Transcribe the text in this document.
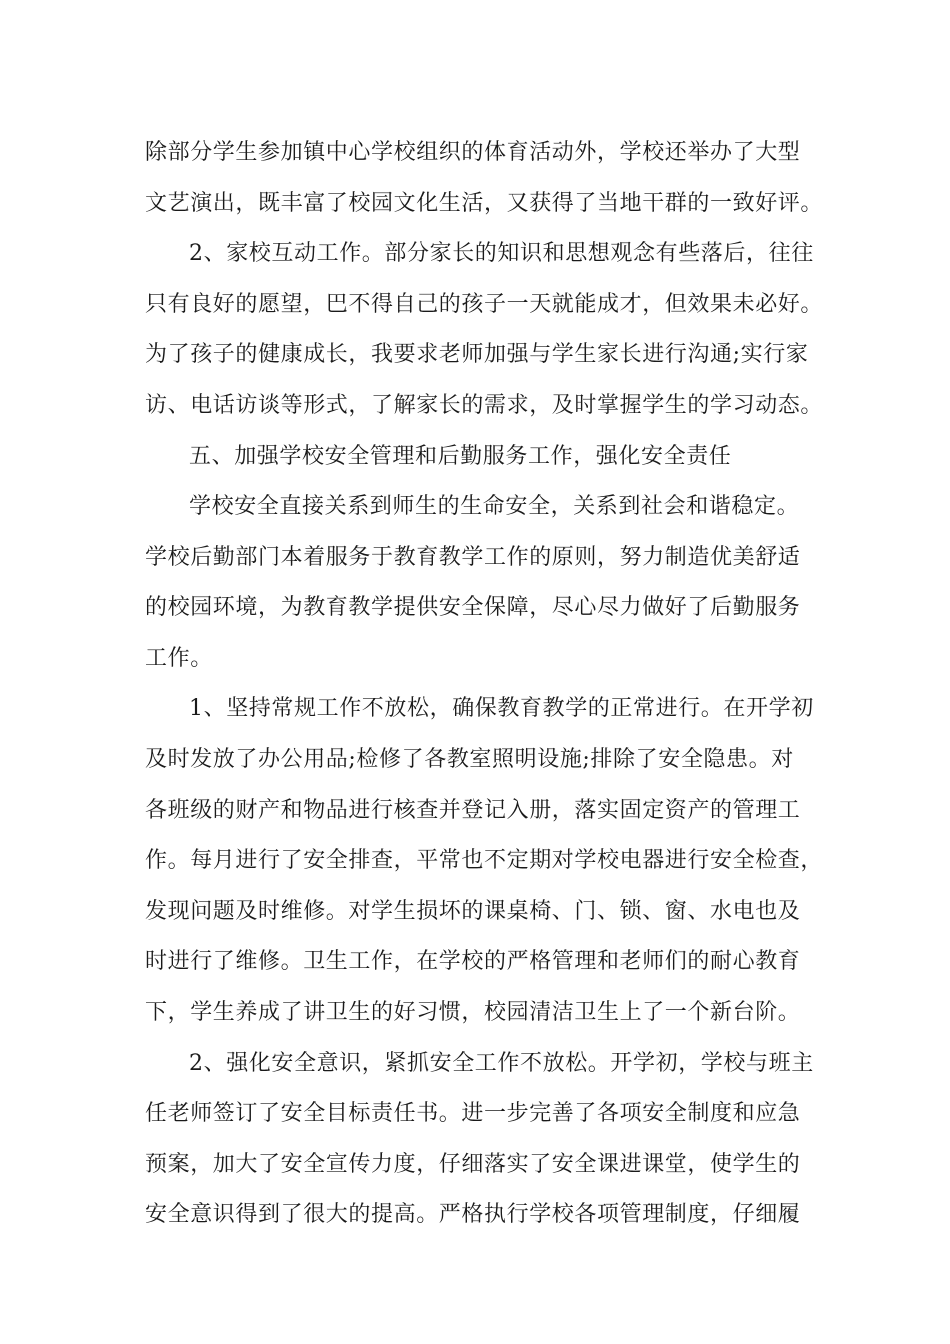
除部分学生参加镇中心学校组织的体育活动外，学校还举办了大型
文艺演出，既丰富了校园文化生活，又获得了当地干群的一致好评。
2、家校互动工作。部分家长的知识和思想观念有些落后，往往
只有良好的愿望，巴不得自己的孩子一天就能成才，但效果未必好。
为了孩子的健康成长，我要求老师加强与学生家长进行沟通;实行家
访、电话访谈等形式，了解家长的需求，及时掌握学生的学习动态。
五、加强学校安全管理和后勤服务工作，强化安全责任
学校安全直接关系到师生的生命安全，关系到社会和谐稳定。
学校后勤部门本着服务于教育教学工作的原则，努力制造优美舒适
的校园环境，为教育教学提供安全保障，尽心尽力做好了后勤服务
工作。
1、坚持常规工作不放松，确保教育教学的正常进行。在开学初
及时发放了办公用品;检修了各教室照明设施;排除了安全隐患。对
各班级的财产和物品进行核查并登记入册，落实固定资产的管理工
作。每月进行了安全排查，平常也不定期对学校电器进行安全检查，
发现问题及时维修。对学生损坏的课桌椅、门、锁、窗、水电也及
时进行了维修。卫生工作，在学校的严格管理和老师们的耐心教育
下，学生养成了讲卫生的好习惯，校园清洁卫生上了一个新台阶。
2、强化安全意识，紧抓安全工作不放松。开学初，学校与班主
任老师签订了安全目标责任书。进一步完善了各项安全制度和应急
预案，加大了安全宣传力度，仔细落实了安全课进课堂，使学生的
安全意识得到了很大的提高。严格执行学校各项管理制度，仔细履
